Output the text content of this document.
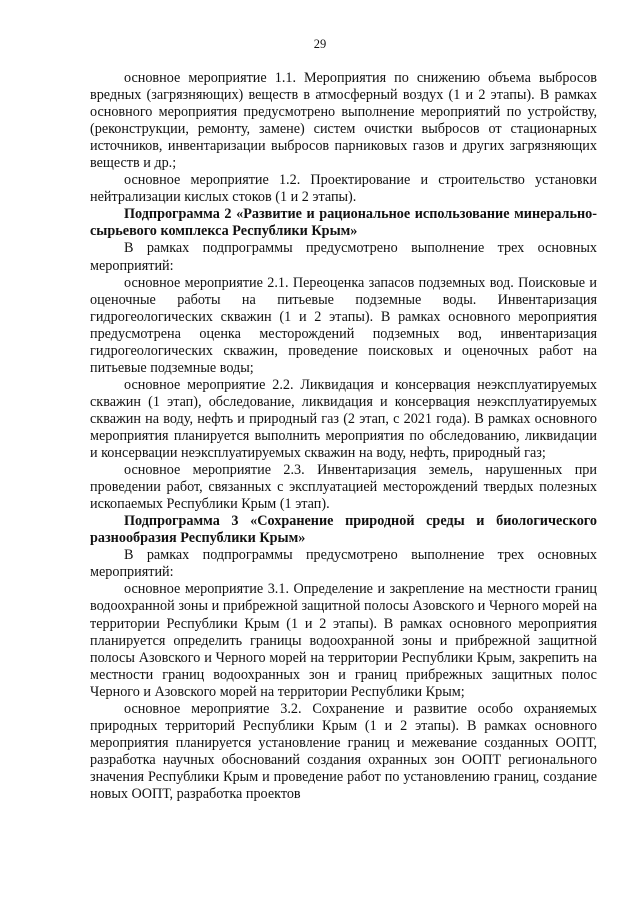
29

основное мероприятие 1.1. Мероприятия по снижению объема выбросов вредных (загрязняющих) веществ в атмосферный воздух (1 и 2 этапы). В рамках основного мероприятия предусмотрено выполнение мероприятий по устройству, (реконструкции, ремонту, замене) систем очистки выбросов от стационарных источников, инвентаризации выбросов парниковых газов и других загрязняющих веществ и др.;

основное мероприятие 1.2. Проектирование и строительство установки нейтрализации кислых стоков (1 и 2 этапы).

Подпрограмма 2 «Развитие и рациональное использование минерально-сырьевого комплекса Республики Крым»

В рамках подпрограммы предусмотрено выполнение трех основных мероприятий:

основное мероприятие 2.1. Переоценка запасов подземных вод. Поисковые и оценочные работы на питьевые подземные воды. Инвентаризация гидрогеологических скважин (1 и 2 этапы). В рамках основного мероприятия предусмотрена оценка месторождений подземных вод, инвентаризация гидрогеологических скважин, проведение поисковых и оценочных работ на питьевые подземные воды;

основное мероприятие 2.2. Ликвидация и консервация неэксплуатируемых скважин (1 этап), обследование, ликвидация и консервация неэксплуатируемых скважин на воду, нефть и природный газ (2 этап, с 2021 года). В рамках основного мероприятия планируется выполнить мероприятия по обследованию, ликвидации и консервации неэксплуатируемых скважин на воду, нефть, природный газ;

основное мероприятие 2.3. Инвентаризация земель, нарушенных при проведении работ, связанных с эксплуатацией месторождений твердых полезных ископаемых Республики Крым (1 этап).

Подпрограмма 3 «Сохранение природной среды и биологического разнообразия Республики Крым»

В рамках подпрограммы предусмотрено выполнение трех основных мероприятий:

основное мероприятие 3.1. Определение и закрепление на местности границ водоохранной зоны и прибрежной защитной полосы Азовского и Черного морей на территории Республики Крым (1 и 2 этапы). В рамках основного мероприятия планируется определить границы водоохранной зоны и прибрежной защитной полосы Азовского и Черного морей на территории Республики Крым, закрепить на местности границ водоохранных зон и границ прибрежных защитных полос Черного и Азовского морей на территории Республики Крым;

основное мероприятие 3.2. Сохранение и развитие особо охраняемых природных территорий Республики Крым (1 и 2 этапы). В рамках основного мероприятия планируется установление границ и межевание созданных ООПТ, разработка научных обоснований создания охранных зон ООПТ регионального значения Республики Крым и проведение работ по установлению границ, создание новых ООПТ, разработка проектов
